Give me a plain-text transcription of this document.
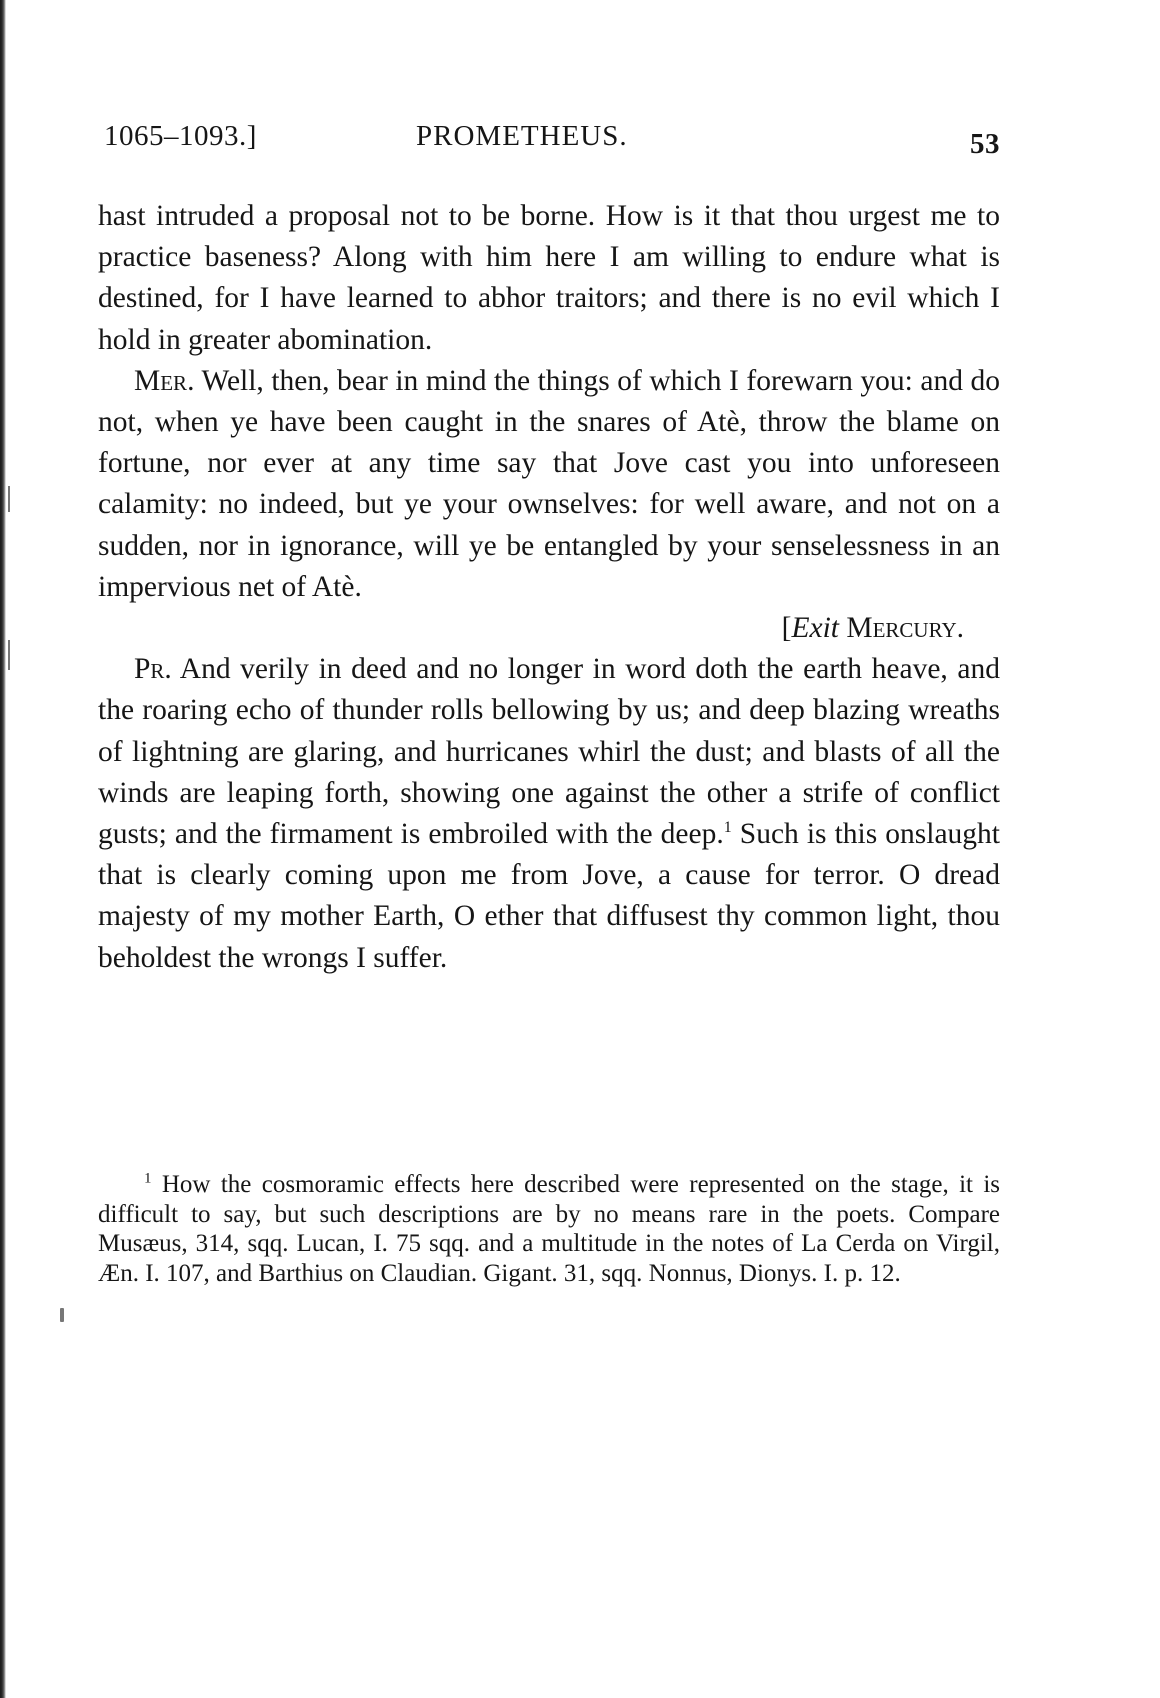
1065–1093.]	PROMETHEUS.	53

hast intruded a proposal not to be borne. How is it that thou urgest me to practice baseness? Along with him here I am willing to endure what is destined, for I have learned to abhor traitors; and there is no evil which I hold in greater abomination.

Mer. Well, then, bear in mind the things of which I forewarn you: and do not, when ye have been caught in the snares of Atè, throw the blame on fortune, nor ever at any time say that Jove cast you into unforeseen calamity: no indeed, but ye your ownselves: for well aware, and not on a sudden, nor in ignorance, will ye be entangled by your senselessness in an impervious net of Atè.

[Exit Mercury.

Pr. And verily in deed and no longer in word doth the earth heave, and the roaring echo of thunder rolls bellowing by us; and deep blazing wreaths of lightning are glaring, and hurricanes whirl the dust; and blasts of all the winds are leaping forth, showing one against the other a strife of conflict gusts; and the firmament is embroiled with the deep.$^1$ Such is this onslaught that is clearly coming upon me from Jove, a cause for terror. O dread majesty of my mother Earth, O ether that diffusest thy common light, thou beholdest the wrongs I suffer.

$^1$ How the cosmoramic effects here described were represented on the stage, it is difficult to say, but such descriptions are by no means rare in the poets. Compare Musæus, 314, sqq. Lucan, I. 75 sqq. and a multitude in the notes of La Cerda on Virgil, Æn. I. 107, and Barthius on Claudian. Gigant. 31, sqq. Nonnus, Dionys. I. p. 12.
